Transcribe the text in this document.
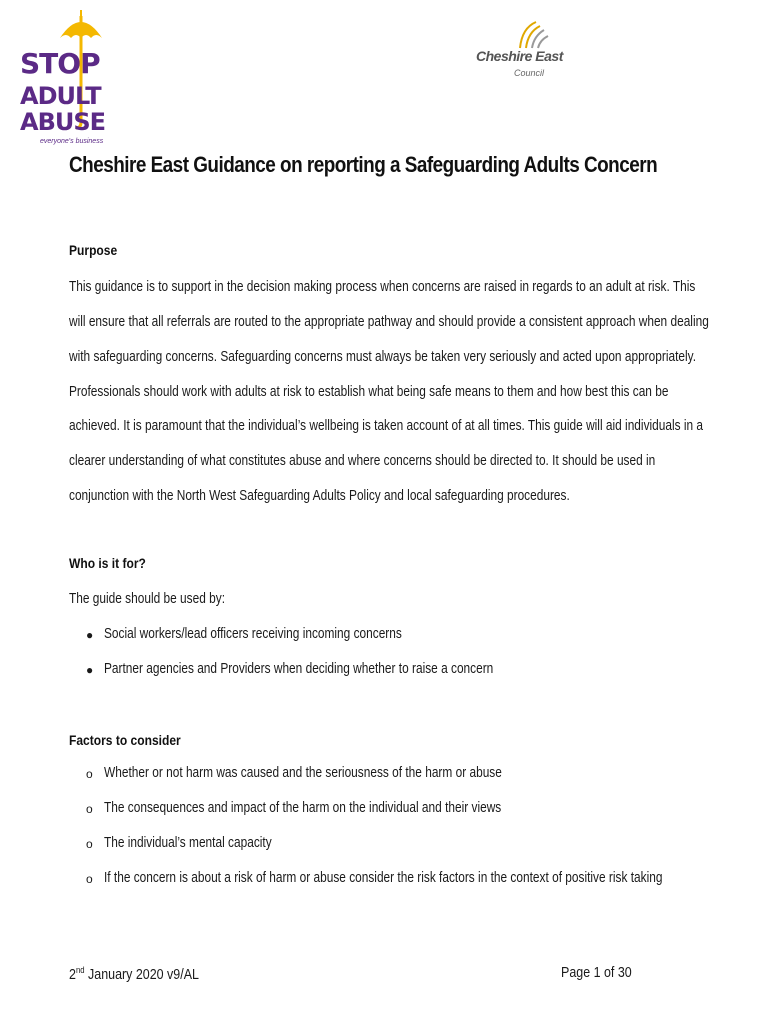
STOP
ADULT
ABUSE
everyone's business
Cheshire East
Council
Cheshire East Guidance on reporting a Safeguarding Adults Concern
Purpose
This guidance is to support in the decision making process when concerns are raised in regards to an adult at risk. This
will ensure that all referrals are routed to the appropriate pathway and should provide a consistent approach when dealing
with safeguarding concerns. Safeguarding concerns must always be taken very seriously and acted upon appropriately.
Professionals should work with adults at risk to establish what being safe means to them and how best this can be
achieved. It is paramount that the individual’s wellbeing is taken account of at all times. This guide will aid individuals in a
clearer understanding of what constitutes abuse and where concerns should be directed to. It should be used in
conjunction with the North West Safeguarding Adults Policy and local safeguarding procedures.
Who is it for?
The guide should be used by:
● Social workers/lead officers receiving incoming concerns
● Partner agencies and Providers when deciding whether to raise a concern
Factors to consider
o Whether or not harm was caused and the seriousness of the harm or abuse
o The consequences and impact of the harm on the individual and their views
o The individual’s mental capacity
o If the concern is about a risk of harm or abuse consider the risk factors in the context of positive risk taking
2nd January 2020 v9/AL	Page 1 of 30
